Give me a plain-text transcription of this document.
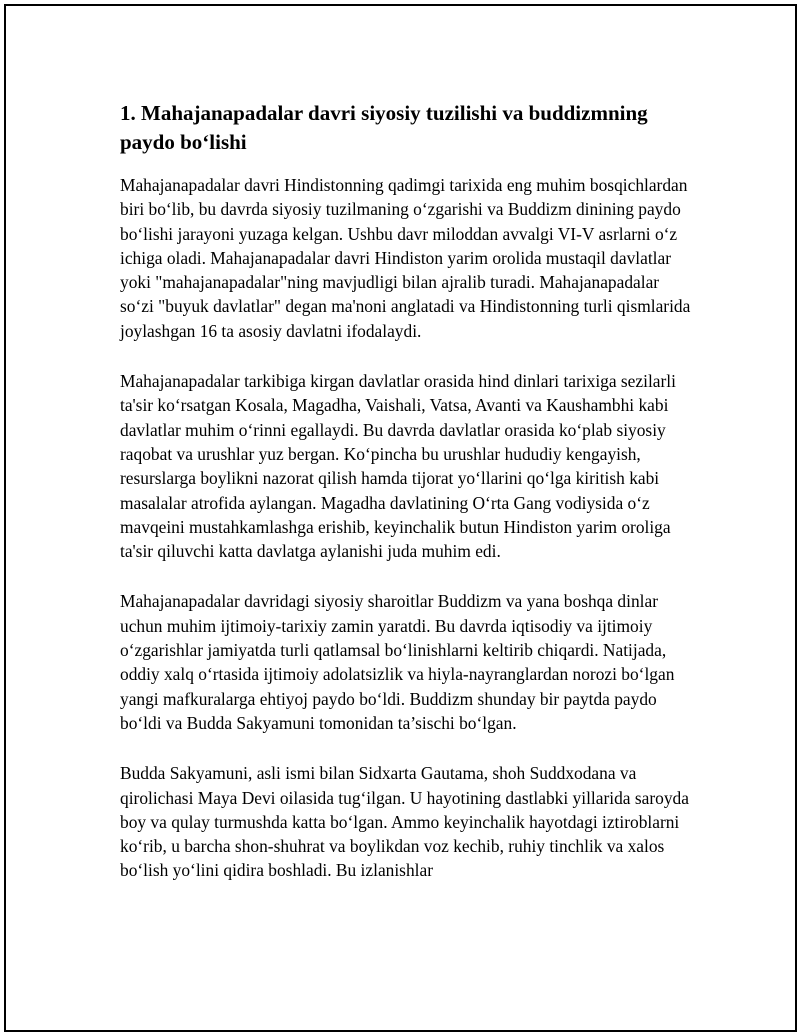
1. Mahajanapadalar davri siyosiy tuzilishi va buddizmning paydo bo‘lishi

Mahajanapadalar davri Hindistonning qadimgi tarixida eng muhim bosqichlardan biri bo‘lib, bu davrda siyosiy tuzilmaning o‘zgarishi va Buddizm dinining paydo bo‘lishi jarayoni yuzaga kelgan. Ushbu davr miloddan avvalgi VI-V asrlarni o‘z ichiga oladi. Mahajanapadalar davri Hindiston yarim orolida mustaqil davlatlar yoki "mahajanapadalar"ning mavjudligi bilan ajralib turadi. Mahajanapadalar so‘zi "buyuk davlatlar" degan ma'noni anglatadi va Hindistonning turli qismlarida joylashgan 16 ta asosiy davlatni ifodalaydi.

Mahajanapadalar tarkibiga kirgan davlatlar orasida hind dinlari tarixiga sezilarli ta'sir ko‘rsatgan Kosala, Magadha, Vaishali, Vatsa, Avanti va Kaushambhi kabi davlatlar muhim o‘rinni egallaydi. Bu davrda davlatlar orasida ko‘plab siyosiy raqobat va urushlar yuz bergan. Ko‘pincha bu urushlar hududiy kengayish, resurslarga boylikni nazorat qilish hamda tijorat yo‘llarini qo‘lga kiritish kabi masalalar atrofida aylangan. Magadha davlatining O‘rta Gang vodiysida o‘z mavqeini mustahkamlashga erishib, keyinchalik butun Hindiston yarim oroliga ta'sir qiluvchi katta davlatga aylanishi juda muhim edi.

Mahajanapadalar davridagi siyosiy sharoitlar Buddizm va yana boshqa dinlar uchun muhim ijtimoiy-tarixiy zamin yaratdi. Bu davrda iqtisodiy va ijtimoiy o‘zgarishlar jamiyatda turli qatlamsal bo‘linishlarni keltirib chiqardi. Natijada, oddiy xalq o‘rtasida ijtimoiy adolatsizlik va hiyla-nayranglardan norozi bo‘lgan yangi mafkuralarga ehtiyoj paydo bo‘ldi. Buddizm shunday bir paytda paydo bo‘ldi va Budda Sakyamuni tomonidan ta’sischi bo‘lgan.

Budda Sakyamuni, asli ismi bilan Sidxarta Gautama, shoh Suddxodana va qirolichasi Maya Devi oilasida tug‘ilgan. U hayotining dastlabki yillarida saroyda boy va qulay turmushda katta bo‘lgan. Ammo keyinchalik hayotdagi iztiroblarni ko‘rib, u barcha shon-shuhrat va boylikdan voz kechib, ruhiy tinchlik va xalos bo‘lish yo‘lini qidira boshladi. Bu izlanishlar
